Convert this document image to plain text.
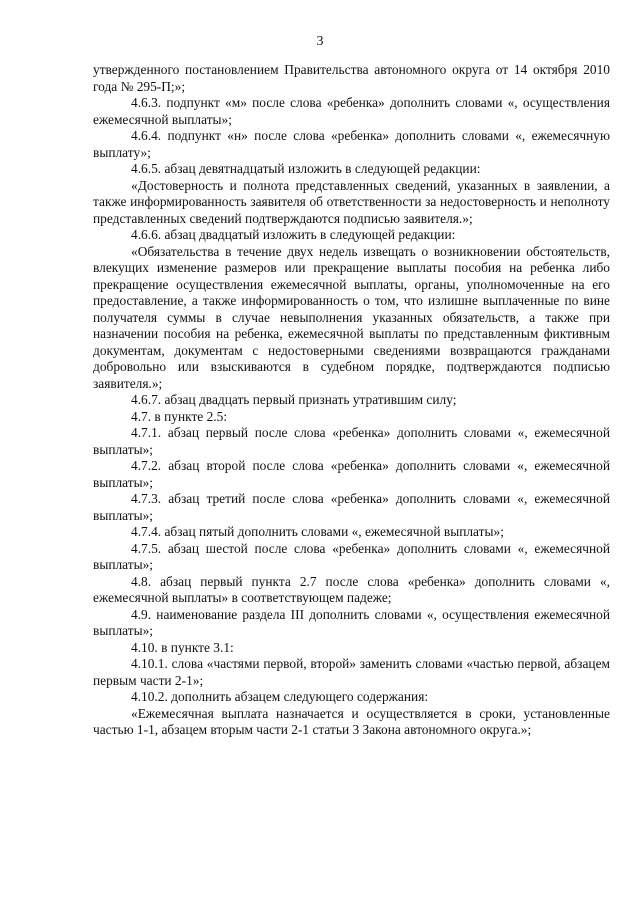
3

утвержденного постановлением Правительства автономного округа от 14 октября 2010 года № 295-П;»;

4.6.3. подпункт «м» после слова «ребенка» дополнить словами «, осуществления ежемесячной выплаты»;

4.6.4. подпункт «н» после слова «ребенка» дополнить словами «, ежемесячную выплату»;

4.6.5. абзац девятнадцатый изложить в следующей редакции:

«Достоверность и полнота представленных сведений, указанных в заявлении, а также информированность заявителя об ответственности за недостоверность и неполноту представленных сведений подтверждаются подписью заявителя.»;

4.6.6. абзац двадцатый изложить в следующей редакции:

«Обязательства в течение двух недель извещать о возникновении обстоятельств, влекущих изменение размеров или прекращение выплаты пособия на ребенка либо прекращение осуществления ежемесячной выплаты, органы, уполномоченные на его предоставление, а также информированность о том, что излишне выплаченные по вине получателя суммы в случае невыполнения указанных обязательств, а также при назначении пособия на ребенка, ежемесячной выплаты по представленным фиктивным документам, документам с недостоверными сведениями возвращаются гражданами добровольно или взыскиваются в судебном порядке, подтверждаются подписью заявителя.»;

4.6.7. абзац двадцать первый признать утратившим силу;

4.7. в пункте 2.5:

4.7.1. абзац первый после слова «ребенка» дополнить словами «, ежемесячной выплаты»;

4.7.2. абзац второй после слова «ребенка» дополнить словами «, ежемесячной выплаты»;

4.7.3. абзац третий после слова «ребенка» дополнить словами «, ежемесячной выплаты»;

4.7.4. абзац пятый дополнить словами «, ежемесячной выплаты»;

4.7.5. абзац шестой после слова «ребенка» дополнить словами «, ежемесячной выплаты»;

4.8. абзац первый пункта 2.7 после слова «ребенка» дополнить словами «, ежемесячной выплаты» в соответствующем падеже;

4.9. наименование раздела III дополнить словами «, осуществления ежемесячной выплаты»;

4.10. в пункте 3.1:

4.10.1. слова «частями первой, второй» заменить словами «частью первой, абзацем первым части 2-1»;

4.10.2. дополнить абзацем следующего содержания:

«Ежемесячная выплата назначается и осуществляется в сроки, установленные частью 1-1, абзацем вторым части 2-1 статьи 3 Закона автономного округа.»;
